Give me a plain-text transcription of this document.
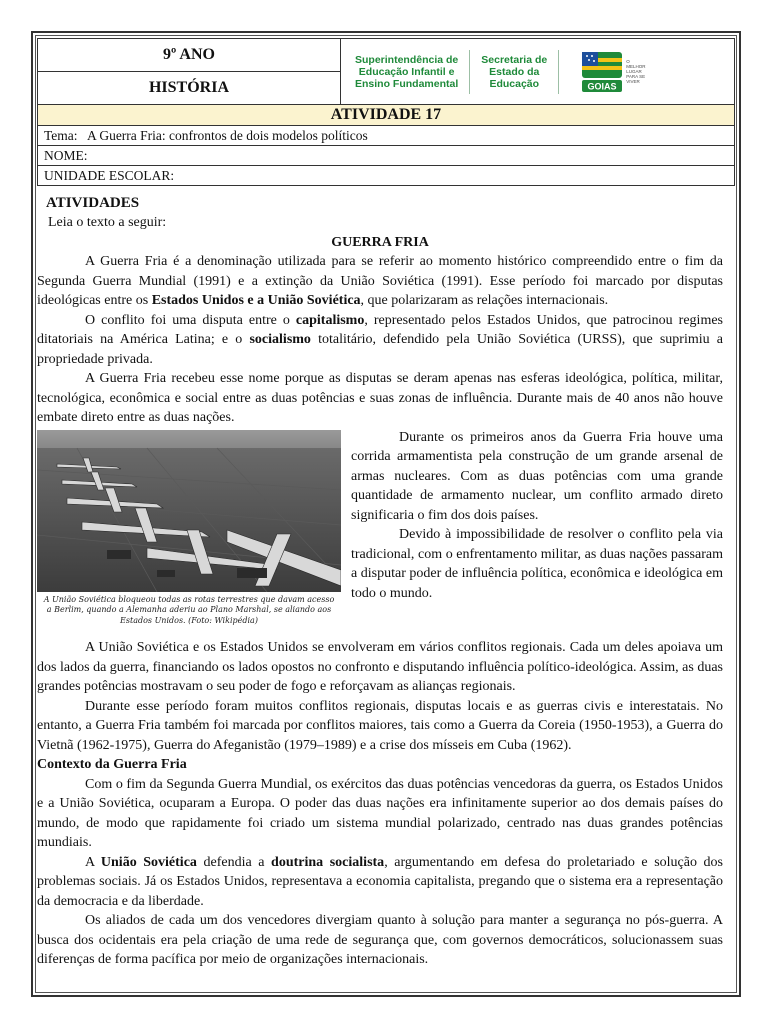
9º ANO	Superintendência de
Educação Infantil e
Ensino Fundamental
Secretaria de
Estado da
Educação	GOIAS
O MELHOR
LUGAR
PARA SE
VIVER

HISTÓRIA
ATIVIDADE 17
Tema: A Guerra Fria: confrontos de dois modelos políticos
NOME:
UNIDADE ESCOLAR:
ATIVIDADES
Leia o texto a seguir:
GUERRA FRIA

A Guerra Fria é a denominação utilizada para se referir ao momento histórico compreendido entre o fim da Segunda Guerra Mundial (1991) e a extinção da União Soviética (1991). Esse período foi marcado por disputas ideológicas entre os Estados Unidos e a União Soviética, que polarizaram as relações internacionais.

O conflito foi uma disputa entre o capitalismo, representado pelos Estados Unidos, que patrocinou regimes ditatoriais na América Latina; e o socialismo totalitário, defendido pela União Soviética (URSS), que suprimiu a propriedade privada.

A Guerra Fria recebeu esse nome porque as disputas se deram apenas nas esferas ideológica, política, militar, tecnológica, econômica e social entre as duas potências e suas zonas de influência. Durante mais de 40 anos não houve embate direto entre as duas nações.

A União Soviética bloqueou todas as rotas terrestres que davam acesso a Berlim, quando a Alemanha aderiu ao Plano Marshal, se aliando aos Estados Unidos. (Foto: Wikipédia)

Durante os primeiros anos da Guerra Fria houve uma corrida armamentista pela construção de um grande arsenal de armas nucleares. Com as duas potências com uma grande quantidade de armamento nuclear, um conflito armado direto significaria o fim dos dois países.

Devido à impossibilidade de resolver o conflito pela via tradicional, com o enfrentamento militar, as duas nações passaram a disputar poder de influência política, econômica e ideológica em todo o mundo.

A União Soviética e os Estados Unidos se envolveram em vários conflitos regionais. Cada um deles apoiava um dos lados da guerra, financiando os lados opostos no confronto e disputando influência político-ideológica. Assim, as duas grandes potências mostravam o seu poder de fogo e reforçavam as alianças regionais.

Durante esse período foram muitos conflitos regionais, disputas locais e as guerras civis e interestatais. No entanto, a Guerra Fria também foi marcada por conflitos maiores, tais como a Guerra da Coreia (1950-1953), a Guerra do Vietnã (1962-1975), Guerra do Afeganistão (1979–1989) e a crise dos mísseis em Cuba (1962).

Contexto da Guerra Fria

Com o fim da Segunda Guerra Mundial, os exércitos das duas potências vencedoras da guerra, os Estados Unidos e a União Soviética, ocuparam a Europa. O poder das duas nações era infinitamente superior ao dos demais países do mundo, de modo que rapidamente foi criado um sistema mundial polarizado, centrado nas duas grandes potências mundiais.

A União Soviética defendia a doutrina socialista, argumentando em defesa do proletariado e solução dos problemas sociais. Já os Estados Unidos, representava a economia capitalista, pregando que o sistema era a representação da democracia e da liberdade.

Os aliados de cada um dos vencedores divergiam quanto à solução para manter a segurança no pós-guerra. A busca dos ocidentais era pela criação de uma rede de segurança que, com governos democráticos, solucionassem suas diferenças de forma pacífica por meio de organizações internacionais.
